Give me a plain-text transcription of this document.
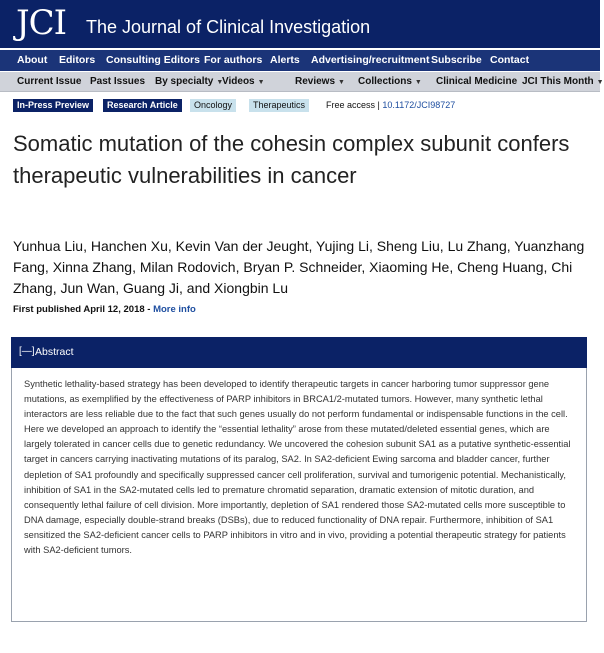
JCI The Journal of Clinical Investigation
About Editors Consulting Editors For authors Alerts Advertising/recruitment Subscribe Contact
Current Issue Past Issues By specialty ▼
Videos ▼	Reviews ▼ Collections ▼ Clinical Medicine JCI This Month ▼
In-Press Preview	Research Article	Oncology	Therapeutics	Free access | 10.1172/JCI98727
Somatic mutation of the cohesin complex subunit confers therapeutic vulnerabilities in cancer
Yunhua Liu, Hanchen Xu, Kevin Van der Jeught, Yujing Li, Sheng Liu, Lu Zhang, Yuanzhang Fang, Xinna Zhang, Milan Rodovich, Bryan P. Schneider, Xiaoming He, Cheng Huang, Chi Zhang, Jun Wan, Guang Ji, and Xiongbin Lu
First published April 12, 2018 - More info
[—] Abstract

Synthetic lethality-based strategy has been developed to identify therapeutic targets in cancer harboring tumor suppressor gene mutations, as exemplified by the effectiveness of PARP inhibitors in BRCA1/2-mutated tumors. However, many synthetic lethal interactors are less reliable due to the fact that such genes usually do not perform fundamental or indispensable functions in the cell. Here we developed an approach to identify the “essential lethality” arose from these mutated/deleted essential genes, which are largely tolerated in cancer cells due to genetic redundancy. We uncovered the cohesion subunit SA1 as a putative synthetic-essential target in cancers carrying inactivating mutations of its paralog, SA2. In SA2-deficient Ewing sarcoma and bladder cancer, further depletion of SA1 profoundly and specifically suppressed cancer cell proliferation, survival and tumorigenic potential. Mechanistically, inhibition of SA1 in the SA2-mutated cells led to premature chromatid separation, dramatic extension of mitotic duration, and consequently lethal failure of cell division. More importantly, depletion of SA1 rendered those SA2-mutated cells more susceptible to DNA damage, especially double-strand breaks (DSBs), due to reduced functionality of DNA repair. Furthermore, inhibition of SA1 sensitized the SA2-deficient cancer cells to PARP inhibitors in vitro and in vivo, providing a potential therapeutic strategy for patients with SA2-deficient tumors.
